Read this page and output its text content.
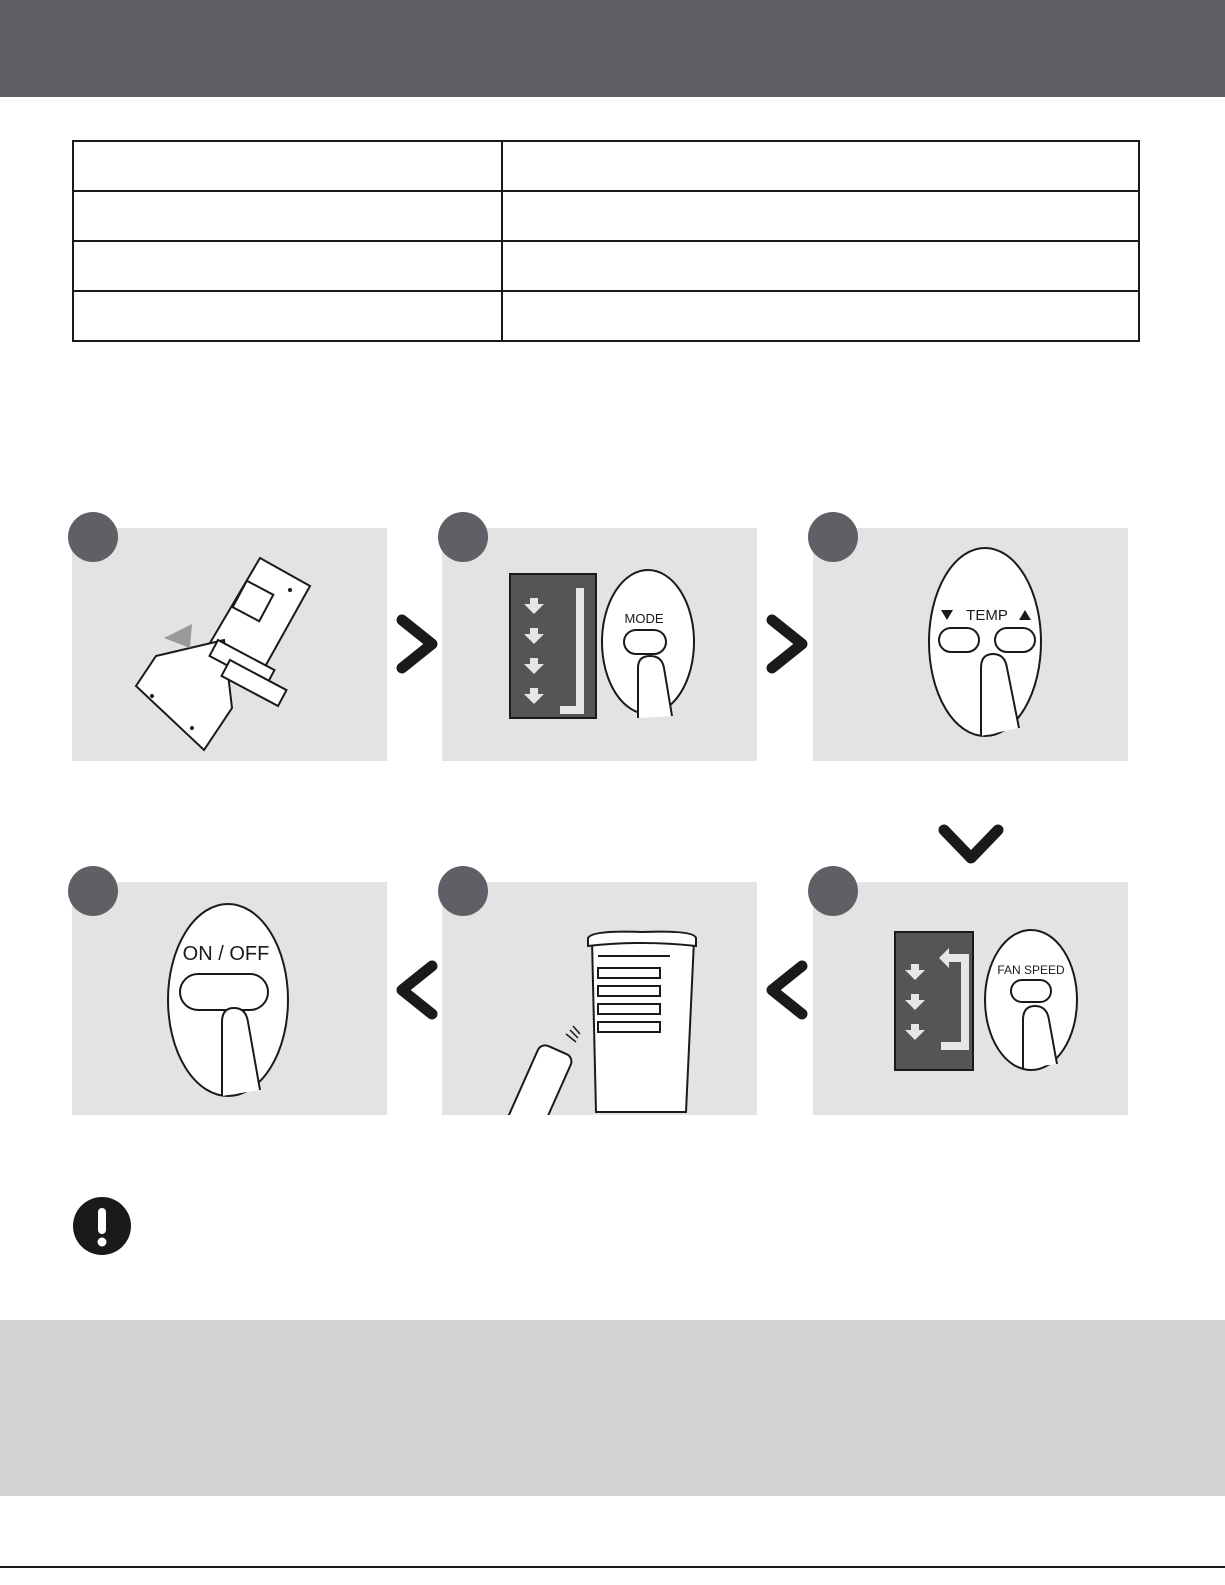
MODE	TEMP
ON / OFF
FAN SPEED
